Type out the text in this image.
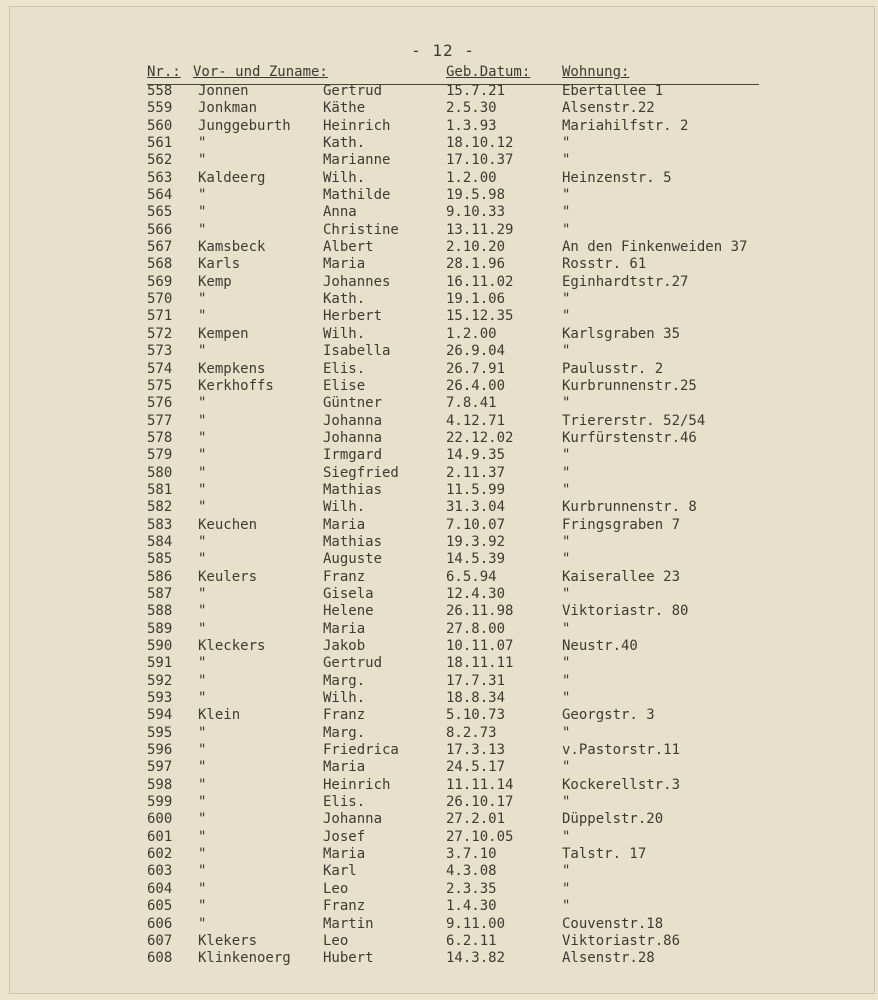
- 12 -
Nr.: Vor- und Zuname:	Geb.Datum: Wohnung:
558 Jonnen	Gertrud	15.7.21	Ebertallee 1
559 Jonkman	Käthe	2.5.30	Alsenstr.22
560 Junggeburth Heinrich	1.3.93	Mariahilfstr. 2
561 "	Kath.	18.10.12	"
562 "	Marianne	17.10.37	"
563 Kaldeerg	Wilh.	1.2.00	Heinzenstr. 5
564 "	Mathilde	19.5.98	"
565 "	Anna	9.10.33	"
566 "	Christine	13.11.29	"
567 Kamsbeck	Albert	2.10.20	An den Finkenweiden 37
568 Karls	Maria	28.1.96	Rosstr. 61
569 Kemp	Johannes	16.11.02	Eginhardtstr.27
570 "	Kath.	19.1.06	"
571 "	Herbert	15.12.35	"
572 Kempen	Wilh.	1.2.00	Karlsgraben 35
573 "	Isabella	26.9.04	"
574 Kempkens	Elis.	26.7.91	Paulusstr. 2
575 Kerkhoffs	Elise	26.4.00	Kurbrunnenstr.25
576 "	Güntner	7.8.41	"
577 "	Johanna	4.12.71	Triererstr. 52/54
578 "	Johanna	22.12.02	Kurfürstenstr.46
579 "	Irmgard	14.9.35	"
580 "	Siegfried	2.11.37	"
581 "	Mathias	11.5.99	"
582 "	Wilh.	31.3.04	Kurbrunnenstr. 8
583 Keuchen	Maria	7.10.07	Fringsgraben 7
584 "	Mathias	19.3.92	"
585 "	Auguste	14.5.39	"
586 Keulers	Franz	6.5.94	Kaiserallee 23
587 "	Gisela	12.4.30	"
588 "	Helene	26.11.98	Viktoriastr. 80
589 "	Maria	27.8.00	"
590 Kleckers	Jakob	10.11.07	Neustr.40
591 "	Gertrud	18.11.11	"
592 "	Marg.	17.7.31	"
593 "	Wilh.	18.8.34	"
594 Klein	Franz	5.10.73	Georgstr. 3
595 "	Marg.	8.2.73	"
596 "	Friedrica	17.3.13	v.Pastorstr.11
597 "	Maria	24.5.17	"
598 "	Heinrich	11.11.14	Kockerellstr.3
599 "	Elis.	26.10.17	"
600 "	Johanna	27.2.01	Düppelstr.20
601 "	Josef	27.10.05	"
602 "	Maria	3.7.10	Talstr. 17
603 "	Karl	4.3.08	"
604 "	Leo	2.3.35	"
605 "	Franz	1.4.30	"
606 "	Martin	9.11.00	Couvenstr.18
607 Klekers	Leo	6.2.11	Viktoriastr.86
608 Klinkenoerg Hubert	14.3.82	Alsenstr.28
